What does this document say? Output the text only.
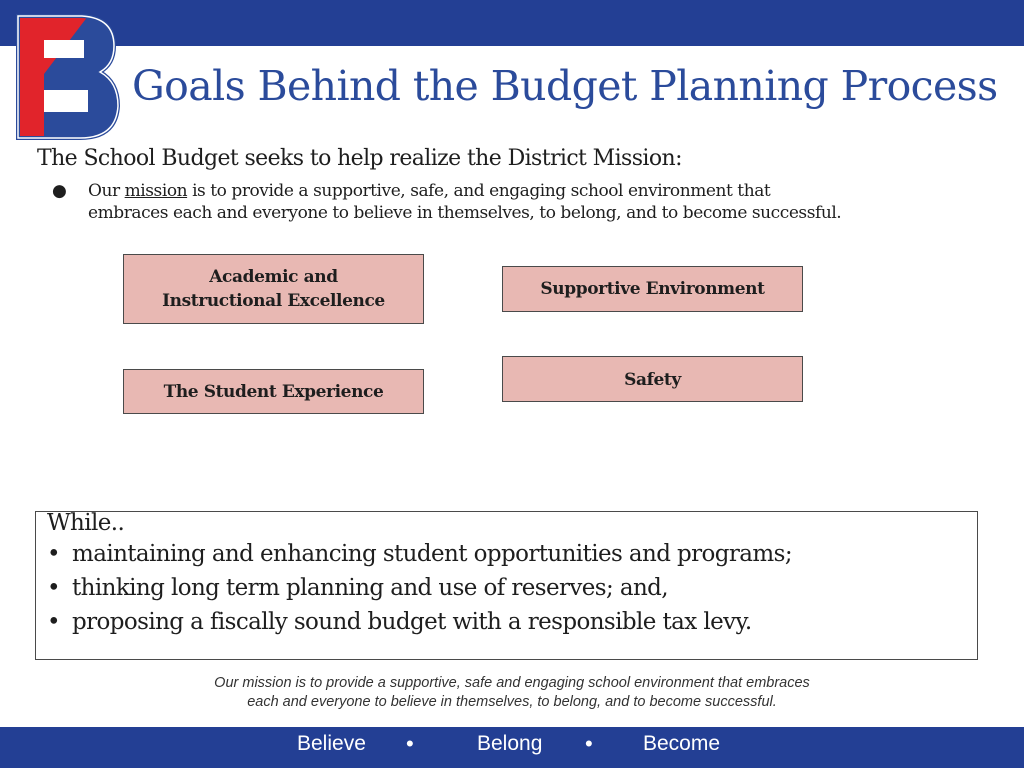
Goals Behind the Budget Planning Process
The School Budget seeks to help realize the District Mission:
● Our mission is to provide a supportive, safe, and engaging school environment that
embraces each and everyone to believe in themselves, to belong, and to become successful.
Academic and
Instructional Excellence
Supportive Environment
The Student Experience
Safety
While..
• maintaining and enhancing student opportunities and programs;
• thinking long term planning and use of reserves; and,
• proposing a fiscally sound budget with a responsible tax levy.
Our mission is to provide a supportive, safe and engaging school environment that embraces
each and everyone to believe in themselves, to belong, and to become successful.
Believe •	Belong • Become
